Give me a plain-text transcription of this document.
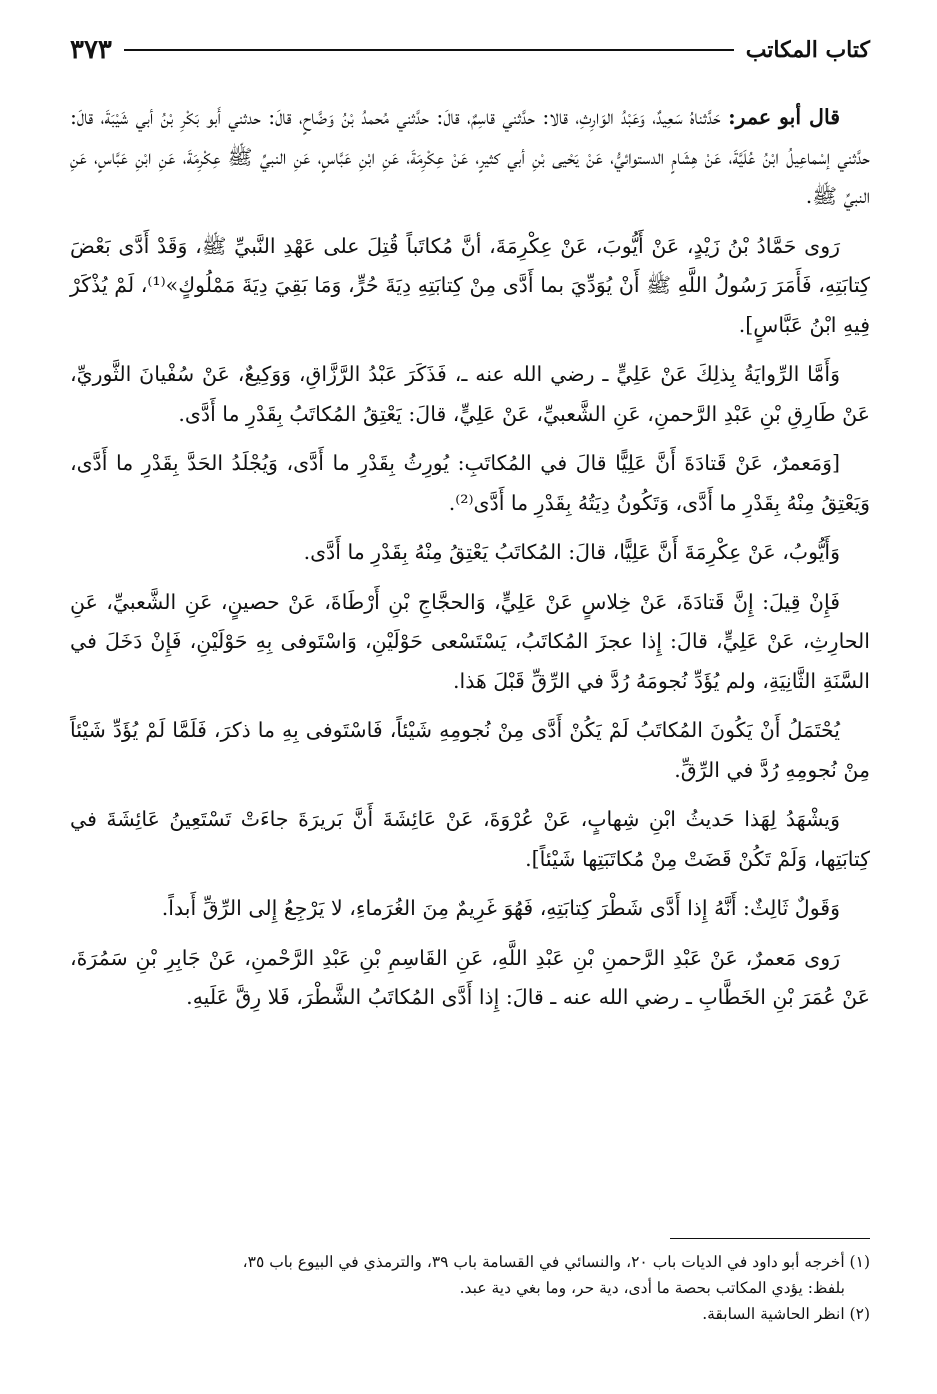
كتاب المكاتب
٣٧٣

قال أبو عمر: حَدَّثناهُ سَعِيدٌ، وَعَبْدُ الوَارِثِ، قالا: حدَّثني قاسِمٌ، قالَ: حدَّثني مُحمدُ بْنُ وَضَّاحٍ، قالَ: حدثني أَبو بَكْرِ بْنُ أبي شَيْبَةَ، قالَ: حدَّثني إسْماعِيلُ ابْنُ عُلَيَّةَ، عَنْ هِشَامٍ الدستوائيُّ، عَنْ يَحْيى بْنِ أبي كثيرٍ، عَنْ عِكْرِمَةَ، عَنِ ابْنِ عَبَّاسٍ، عَنِ النبيِّ ﷺ عِكْرِمَةَ، عَنِ ابْنِ عَبَّاسٍ، عَنِ النبيِّ ﷺ.

رَوى حَمَّادُ بْنُ زَيْدٍ، عَنْ أَيُّوبَ، عَنْ عِكْرِمَةَ، أنَّ مُكاتَباً قُتِلَ على عَهْدِ النَّبيِّ ﷺ، وَقَدْ أَدَّى بَعْضَ كِتابَتِهِ، فَأَمَرَ رَسُولُ اللَّهِ ﷺ أَنْ يُوَدِّيَ بما أَدَّى مِنْ كِتابَتِهِ دِيَةَ حُرٍّ، وَمَا بَقِيَ دِيَةَ مَمْلُوكٍ»⁽¹⁾، لَمْ يُذْكَرْ فِيهِ ابْنُ عَبَّاسٍ].

وَأَمَّا الرِّوايَةُ بِذلِكَ عَنْ عَلِيٍّ ـ رضي الله عنه ـ، فَذَكَرَ عَبْدُ الرَّزَّاقِ، وَوَكِيعٌ، عَنْ سُفْيانَ الثَّوريِّ، عَنْ طَارِقِ بْنِ عَبْدِ الرَّحمنِ، عَنِ الشَّعبيِّ، عَنْ عَلِيٍّ، قالَ: يَعْتِقُ المُكاتَبُ بِقَدْرِ ما أَدَّى.

[وَمَعمرٌ، عَنْ قَتادَةَ أَنَّ عَلِيًّا قالَ في المُكاتَبِ: يُورِثُ بِقَدْرِ ما أَدَّى، وَيُجْلَدُ الحَدَّ بِقَدْرِ ما أَدَّى، وَيَعْتِقُ مِنْهُ بِقَدْرِ ما أَدَّى، وَتَكُونُ دِيَتُهُ بِقَدْرِ ما أَدَّى⁽²⁾.

وَأَيُّوبُ، عَنْ عِكْرِمَةَ أَنَّ عَلِيًّا، قالَ: المُكاتَبُ يَعْتِقُ مِنْهُ بِقَدْرِ ما أَدَّى.

فَإِنْ قِيلَ: إِنَّ قَتادَةَ، عَنْ خِلاسٍ عَنْ عَلِيٍّ، وَالحجَّاجِ بْنِ أَرْطَاةَ، عَنْ حصينٍ، عَنِ الشَّعبيِّ، عَنِ الحارِثِ، عَنْ عَلِيٍّ، قالَ: إِذا عجزَ المُكاتَبُ، يَسْتَسْعى حَوْلَيْنِ، وَاسْتَوفى بِهِ حَوْلَيْنِ، فَإِنْ دَخَلَ في السَّنَةِ الثَّانِيَةِ، ولم يُؤَدِّ نُجومَهُ رُدَّ في الرِّقِّ قَبْلَ هَذا.

يُحْتَمَلُ أَنْ يَكُونَ المُكاتَبُ لَمْ يَكُنْ أَدَّى مِنْ نُجومِهِ شَيْئاً، فَاسْتَوفى بِهِ ما ذكرَ، فَلَمَّا لَمْ يُؤَدِّ شَيْئاً مِنْ نُجومِهِ رُدَّ في الرِّقِّ.

وَيشْهَدُ لِهَذا حَديثُ ابْنِ شِهابٍ، عَنْ عُرْوَةَ، عَنْ عَائِشَةَ أَنَّ بَريرَةَ جاءَتْ تَسْتَعِينُ عَائِشَةَ في كِتابَتِها، وَلَمْ تَكُنْ قَضَتْ مِنْ مُكاتَبَتِها شَيْئاً].

وَقَولٌ ثَالِثٌ: أَنَّهُ إِذا أَدَّى شَطْرَ كِتابَتِهِ، فَهُوَ غَرِيمٌ مِنَ الغُرَماءِ، لا يَرْجِعُ إِلى الرِّقِّ أَبداً.

رَوى مَعمرٌ، عَنْ عَبْدِ الرَّحمنِ بْنِ عَبْدِ اللَّهِ، عَنِ القَاسِمِ بْنِ عَبْدِ الرَّحْمنِ، عَنْ جَابِرِ بْنِ سَمُرَةَ، عَنْ عُمَرَ بْنِ الخَطَّابِ ـ رضي الله عنه ـ قالَ: إِذا أَدَّى المُكاتَبُ الشَّطْرَ، فَلا رِقَّ عَلَيهِ.

(١) أخرجه أبو داود في الديات باب ٢٠، والنسائي في القسامة باب ٣٩، والترمذي في البيوع باب ٣٥،

بلفظ: يؤدي المكاتب بحصة ما أدى، دية حر، وما بغي دية عبد.

(٢) انظر الحاشية السابقة.
